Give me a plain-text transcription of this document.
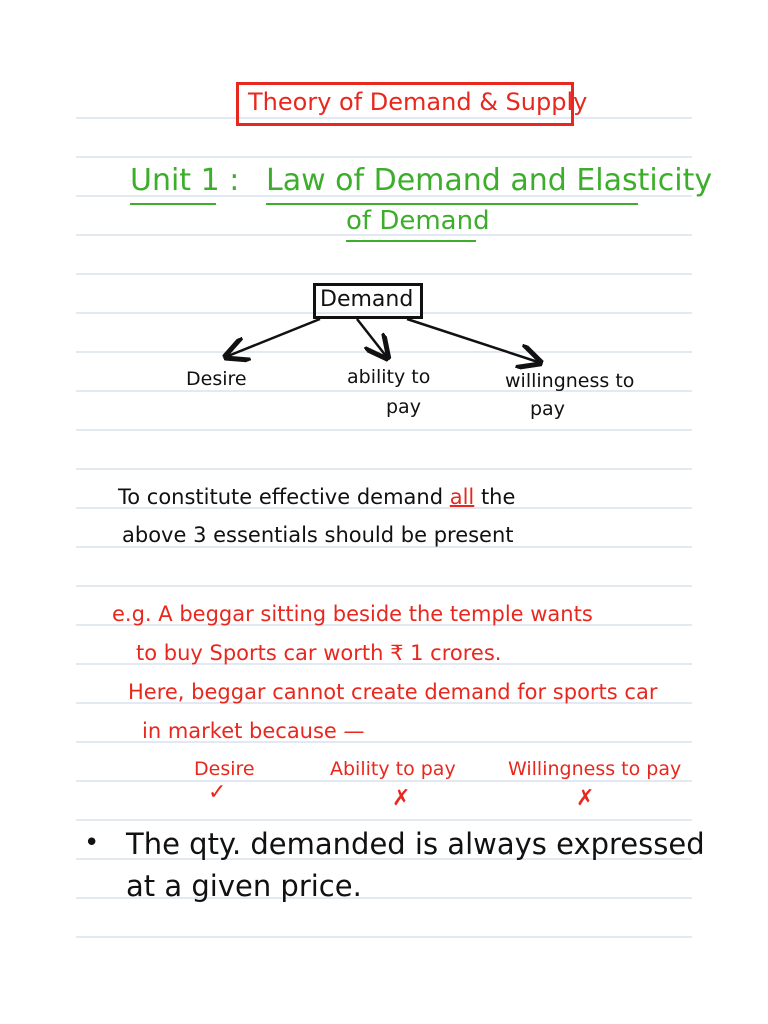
Theory of Demand & Supply
Unit 1 : Law of Demand and Elasticity
of Demand
Demand
Desire	ability to
pay
willingness to
pay
To constitute effective demand all the
above 3 essentials should be present
e.g. A beggar sitting beside the temple wants
to buy Sports car worth ₹ 1 crores.
Here, beggar cannot create demand for sports car
in market because —
Desire
✓
Ability to pay
✗
Willingness to pay
✗
• The qty. demanded is always expressed
at a given price.
